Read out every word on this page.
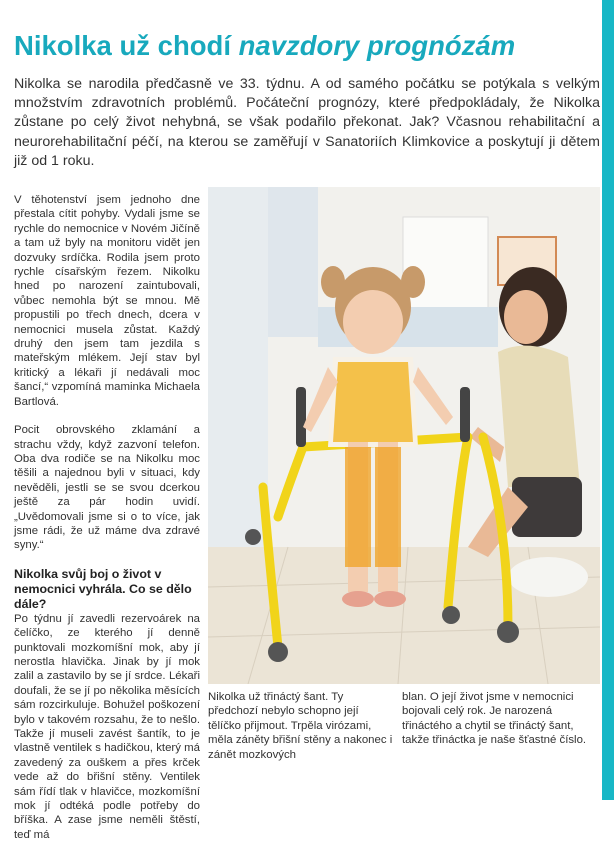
Nikolka už chodí navzdory prognózám

Nikolka se narodila předčasně ve 33. týdnu. A od samého počátku se potýkala s velkým množstvím zdravotních problémů. Počáteční prognózy, které předpokládaly, že Nikolka zůstane po celý život nehybná, se však podařilo překonat. Jak? Včasnou rehabilitační a neurorehabilitační péčí, na kterou se zaměřují v Sanatoriích Klimkovice a poskytují ji dětem již od 1 roku.

V těhotenství jsem jednoho dne přestala cítit pohyby. Vydali jsme se rychle do nemocnice v Novém Jičíně a tam už byly na monitoru vidět jen dozvuky srdíčka. Rodila jsem proto rychle císařským řezem. Nikolku hned po narození zaintubovali, vůbec nemohla být se mnou. Mě propustili po třech dnech, dcera v nemocnici musela zůstat. Každý druhý den jsem tam jezdila s mateřským mlékem. Její stav byl kritický a lékaři jí nedávali moc šancí,“ vzpomíná maminka Michaela Bartlová.

Pocit obrovského zklamání a strachu vždy, když zazvoní telefon. Oba dva rodiče se na Nikolku moc těšili a najednou byli v situaci, kdy nevěděli, jestli se se svou dcerkou ještě za pár hodin uvidí. „Uvědomovali jsme si o to více, jak jsme rádi, že už máme dva zdravé syny.“

Nikolka svůj boj o život v nemocnici vyhrála. Co se dělo dále?

Po týdnu jí zavedli rezervoárek na čelíčko, ze kterého jí denně punktovali mozkomíšní mok, aby jí nerostla hlavička. Jinak by jí mok zalil a zastavilo by se jí srdce. Lékaři doufali, že se jí po několika měsících sám rozcirkuluje. Bohužel poškození bylo v takovém rozsahu, že to nešlo. Takže jí museli zavést šantík, to je vlastně ventilek s hadičkou, který má zavedený za ouškem a přes krček vede až do břišní stěny. Ventilek sám řídí tlak v hlavičce, mozkomíšní mok jí odtéká podle potřeby do bříška. A zase jsme neměli štěstí, teď má

Nikolka už třináctý šant. Ty předchozí nebylo schopno její tělíčko přijmout. Trpěla virózami, měla záněty břišní stěny a nakonec i zánět mozkových

blan. O její život jsme v nemocnici bojovali celý rok. Je narozená třináctého a chytil se třináctý šant, takže třináctka je naše šťastné číslo.
